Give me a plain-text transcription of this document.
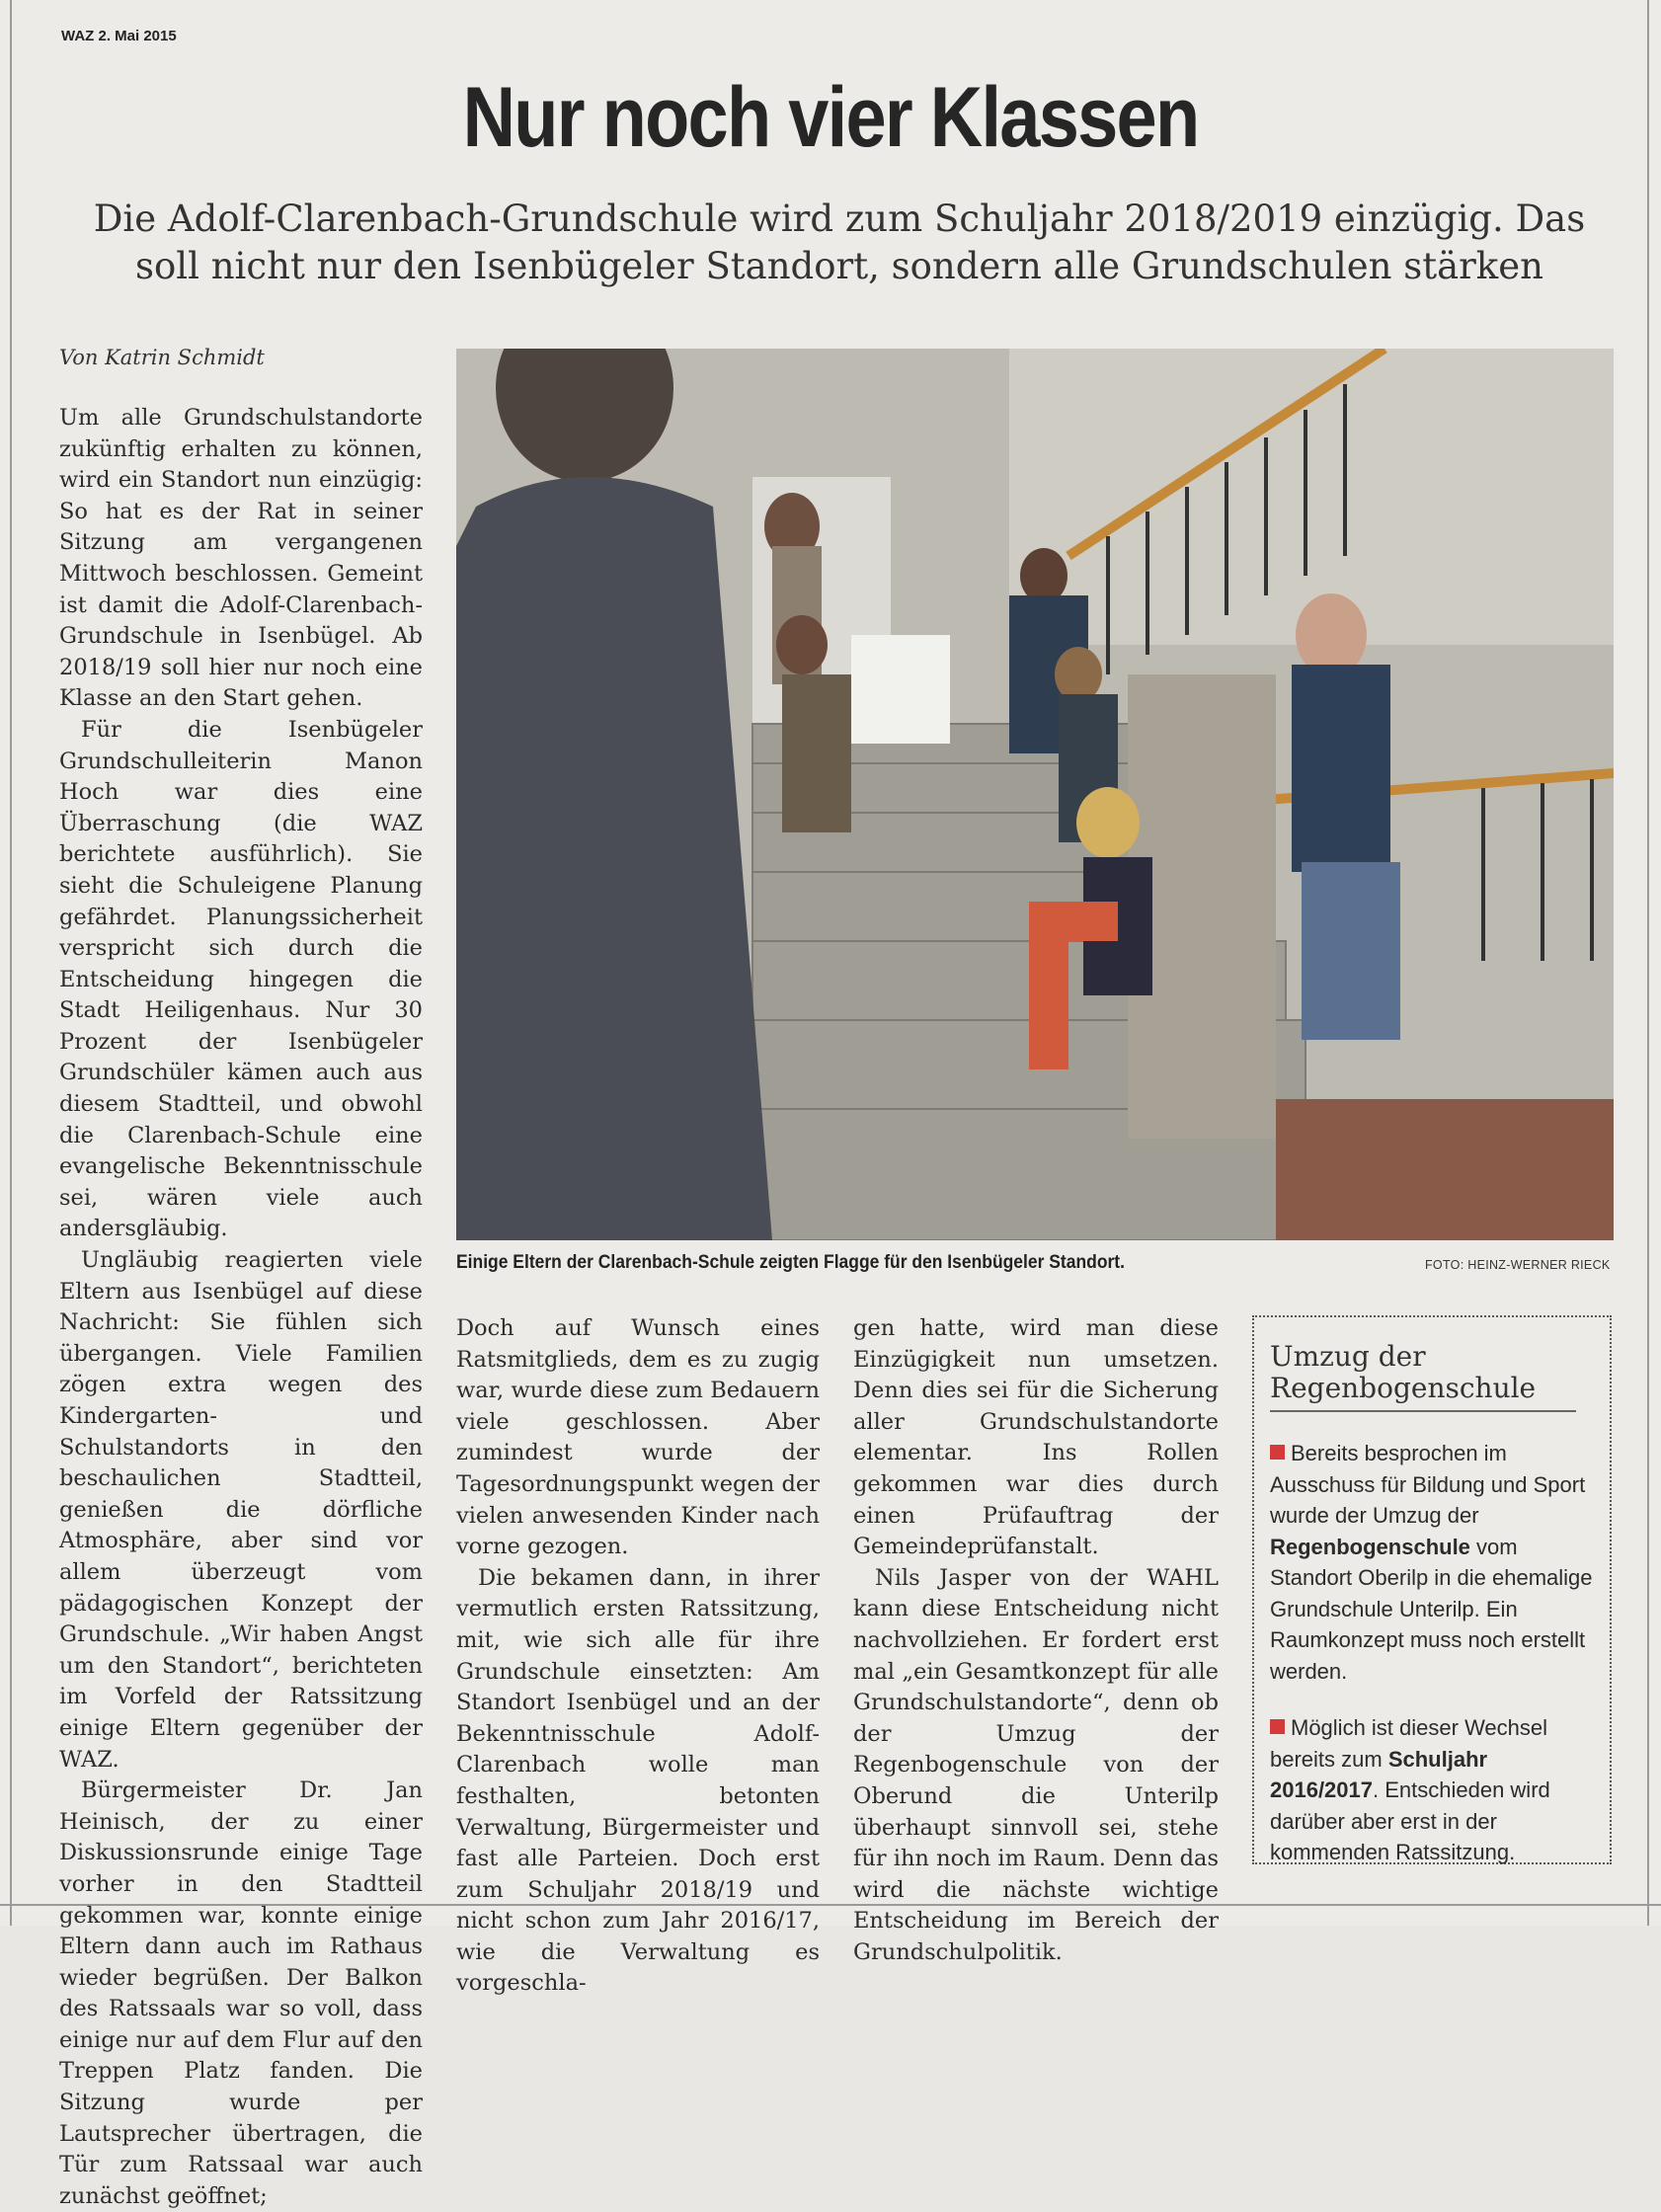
WAZ 2. Mai 2015
Nur noch vier Klassen
Die Adolf-Clarenbach-Grundschule wird zum Schuljahr 2018/2019 einzügig. Das soll nicht nur den Isenbügeler Standort, sondern alle Grundschulen stärken
Von Katrin Schmidt

Um alle Grundschulstandorte zukünftig erhalten zu können, wird ein Standort nun einzügig: So hat es der Rat in seiner Sitzung am vergangenen Mittwoch beschlossen. Gemeint ist damit die Adolf-Clarenbach-Grundschule in Isenbügel. Ab 2018/19 soll hier nur noch eine Klasse an den Start gehen.

Für die Isenbügeler Grundschulleiterin Manon Hoch war dies eine Überraschung (die WAZ berichtete ausführlich). Sie sieht die Schuleigene Planung gefährdet. Planungssicherheit verspricht sich durch die Entscheidung hingegen die Stadt Heiligenhaus. Nur 30 Prozent der Isenbügeler Grundschüler kämen auch aus diesem Stadtteil, und obwohl die Clarenbach-Schule eine evangelische Bekenntnisschule sei, wären viele auch andersgläubig.

Ungläubig reagierten viele Eltern aus Isenbügel auf diese Nachricht: Sie fühlen sich übergangen. Viele Familien zögen extra wegen des Kindergarten- und Schulstandorts in den beschaulichen Stadtteil, genießen die dörfliche Atmosphäre, aber sind vor allem überzeugt vom pädagogischen Konzept der Grundschule. „Wir haben Angst um den Standort“, berichteten im Vorfeld der Ratssitzung einige Eltern gegenüber der WAZ.

Bürgermeister Dr. Jan Heinisch, der zu einer Diskussionsrunde einige Tage vorher in den Stadtteil gekommen war, konnte einige Eltern dann auch im Rathaus wieder begrüßen. Der Balkon des Ratssaals war so voll, dass einige nur auf dem Flur auf den Treppen Platz fanden. Die Sitzung wurde per Lautsprecher übertragen, die Tür zum Ratssaal war auch zunächst geöffnet;

Einige Eltern der Clarenbach-Schule zeigten Flagge für den Isenbügeler Standort.	FOTO: HEINZ-WERNER RIECK

Doch auf Wunsch eines Ratsmitglieds, dem es zu zugig war, wurde diese zum Bedauern viele geschlossen. Aber zumindest wurde der Tagesordnungspunkt wegen der vielen anwesenden Kinder nach vorne gezogen.

Die bekamen dann, in ihrer vermutlich ersten Ratssitzung, mit, wie sich alle für ihre Grundschule einsetzten: Am Standort Isenbügel und an der Bekenntnisschule Adolf-Clarenbach wolle man festhalten, betonten Verwaltung, Bürgermeister und fast alle Parteien. Doch erst zum Schuljahr 2018/19 und nicht schon zum Jahr 2016/17, wie die Verwaltung es vorgeschla-

gen hatte, wird man diese Einzügigkeit nun umsetzen. Denn dies sei für die Sicherung aller Grundschulstandorte elementar. Ins Rollen gekommen war dies durch einen Prüfauftrag der Gemeindeprüfanstalt.

Nils Jasper von der WAHL kann diese Entscheidung nicht nachvollziehen. Er fordert erst mal „ein Gesamtkonzept für alle Grundschulstandorte“, denn ob der Umzug der Regenbogenschule von der Oberund die Unterilp überhaupt sinnvoll sei, stehe für ihn noch im Raum. Denn das wird die nächste wichtige Entscheidung im Bereich der Grundschulpolitik.

Umzug der Regenbogenschule
Bereits besprochen im Ausschuss für Bildung und Sport wurde der Umzug der Regenbogenschule vom Standort Oberilp in die ehemalige Grundschule Unterilp. Ein Raumkonzept muss noch erstellt werden.
Möglich ist dieser Wechsel bereits zum Schuljahr 2016/2017. Entschieden wird darüber aber erst in der kommenden Ratssitzung.
